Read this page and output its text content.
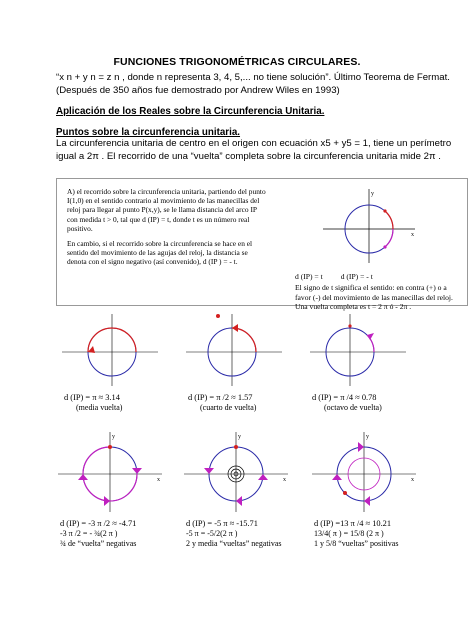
FUNCIONES TRIGONOMÉTRICAS CIRCULARES.
“x n + y n = z n , donde n representa 3, 4, 5,... no tiene solución”. Último Teorema de Fermat.
(Después de 350 años fue demostrado por Andrew Wiles en 1993)
Aplicación de los Reales sobre la Circunferencia Unitaria.
Puntos sobre la circunferencia unitaria.
La circunferencia unitaria de centro en el origen con ecuación x5 + y5 = 1, tiene un perímetro igual a 2π . El recorrido de una “vuelta” completa sobre la circunferencia unitaria mide 2π .

A) el recorrido sobre la circunferencia unitaria, partiendo del punto I(1,0) en el sentido contrario al movimiento de las manecillas del reloj para llegar al punto P(x,y), se le llama distancia del arco IP con medida t > 0, tal que d (IP) = t, donde t es un número real positivo.

En cambio, si el recorrido sobre la circunferencia se hace en el sentido del movimiento de las agujas del reloj, la distancia se denota con el signo negativo (así convenido), d (IP ) = - t.

y
x
d (IP) = t d (IP) = - t
El signo de t significa el sentido: en contra (+) o a favor (-) del movimiento de las manecillas del reloj. Una vuelta completa es t = 2 π ó - 2π .
d (IP) = π ≈ 3.14
(media vuelta)
d (IP) = π /2 ≈ 1.57
(cuarto de vuelta)
d (IP) = π /4 ≈ 0.78
(octavo de vuelta)
y
x
d (IP) = -3 π /2 ≈ -4.71
-3 π /2 = - ¾(2 π )
¾ de “vuelta” negativas
y
x
d (IP) = -5 π ≈ -15.71
-5 π = -5/2(2 π )
2 y media “vueltas” negativas
y
x
d (IP) =13 π /4 ≈ 10.21
13/4( π ) = 15/8 (2 π )
1 y 5/8 “vueltas” positivas
